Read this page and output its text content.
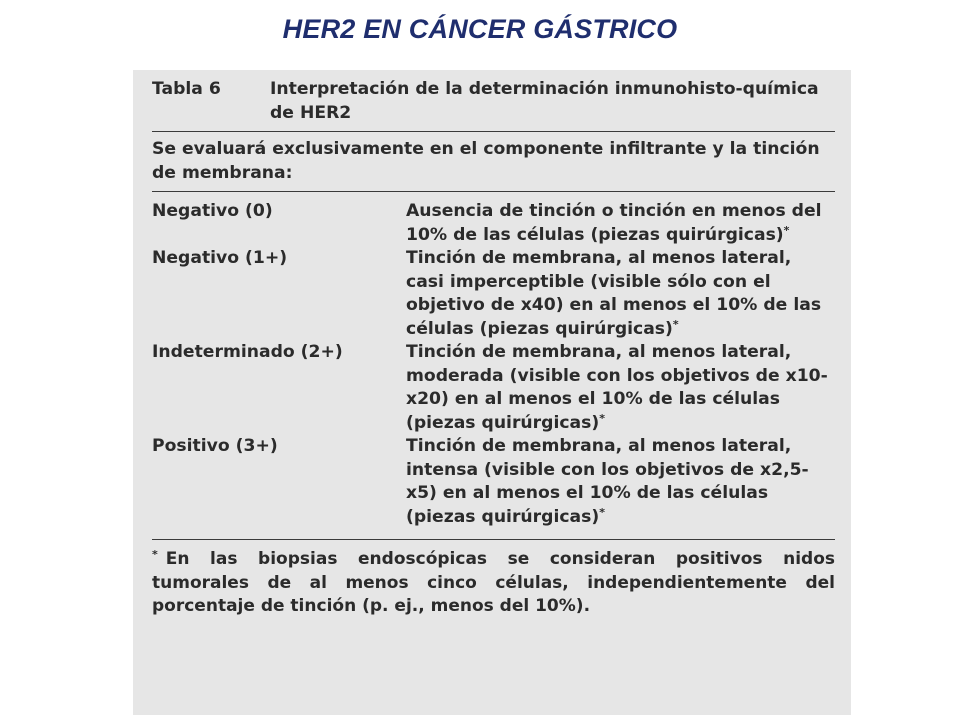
HER2 EN CÁNCER GÁSTRICO
Tabla 6	Interpretación de la determinación inmunohisto-química de HER2
Se evaluará exclusivamente en el componente infiltrante y la tinción de membrana:
Negativo (0)	Ausencia de tinción o tinción en menos del 10% de las células (piezas quirúrgicas)*
Negativo (1+)	Tinción de membrana, al menos lateral, casi imperceptible (visible sólo con el objetivo de x40) en al menos el 10% de las células (piezas quirúrgicas)*
Indeterminado (2+)	Tinción de membrana, al menos lateral, moderada (visible con los objetivos de x10-x20) en al menos el 10% de las células (piezas quirúrgicas)*
Positivo (3+)	Tinción de membrana, al menos lateral, intensa (visible con los objetivos de x2,5-x5) en al menos el 10% de las células (piezas quirúrgicas)*
* En las biopsias endoscópicas se consideran positivos nidos tumorales de al menos cinco células, independientemente del porcentaje de tinción (p. ej., menos del 10%).
